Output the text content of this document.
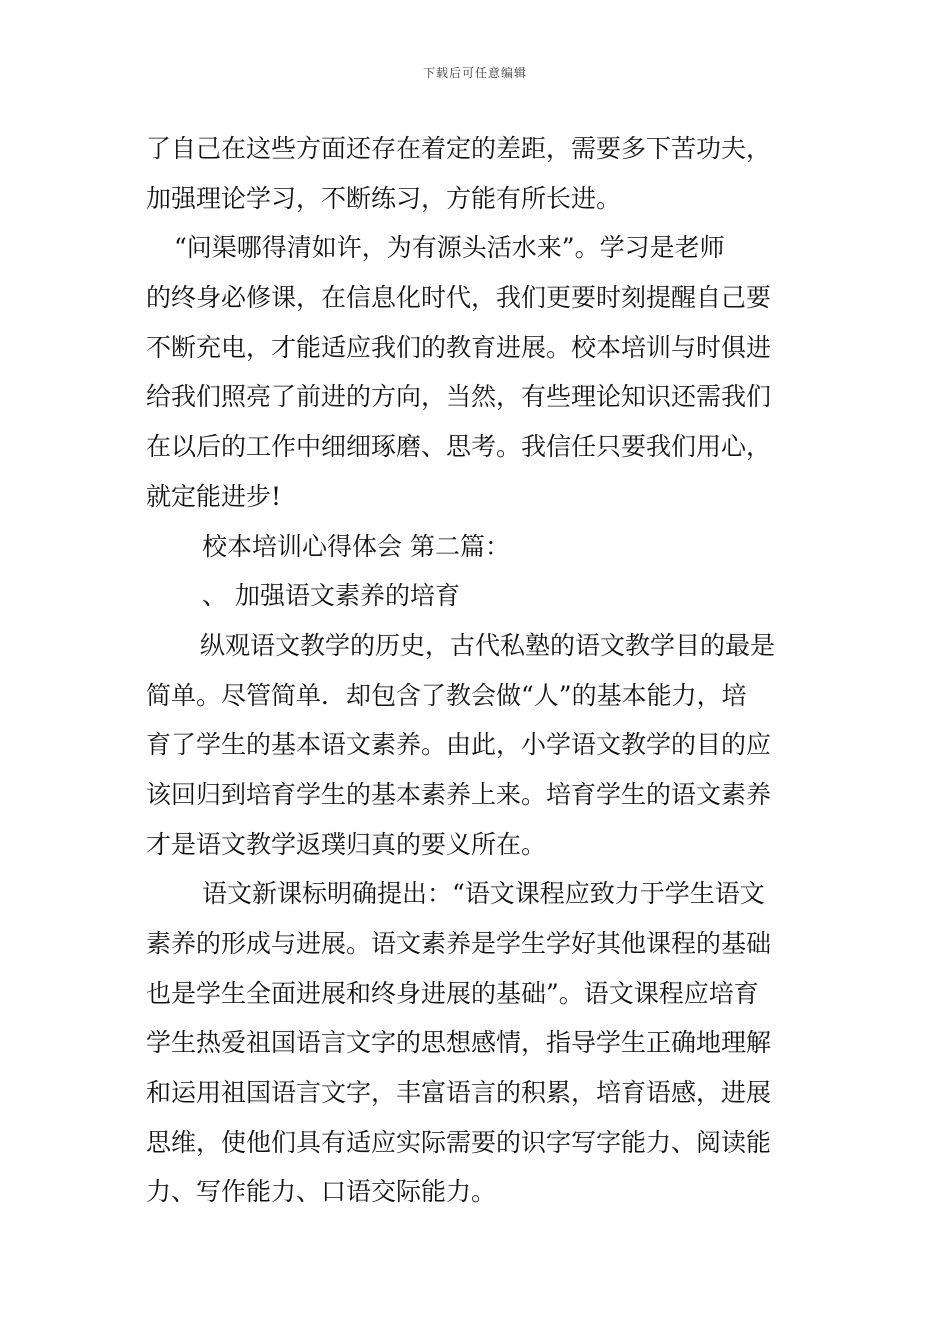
下载后可任意编辑
了自己在这些方面还存在着定的差距，需要多下苦功夫，
加强理论学习，不断练习，方能有所长进。
“问渠哪得清如许，为有源头活水来”。学习是老师
的终身必修课，在信息化时代，我们更要时刻提醒自己要
不断充电，才能适应我们的教育进展。校本培训与时俱进
给我们照亮了前进的方向，当然，有些理论知识还需我们
在以后的工作中细细琢磨、思考。我信任只要我们用心，
就定能进步!
校本培训心得体会 第二篇：
、 加强语文素养的培育
纵观语文教学的历史，古代私塾的语文教学目的最是
简单。尽管简单．却包含了教会做“人”的基本能力，培
育了学生的基本语文素养。由此，小学语文教学的目的应
该回归到培育学生的基本素养上来。培育学生的语文素养
才是语文教学返璞归真的要义所在。
语文新课标明确提出：“语文课程应致力于学生语文
素养的形成与进展。语文素养是学生学好其他课程的基础
也是学生全面进展和终身进展的基础”。语文课程应培育
学生热爱祖国语言文字的思想感情，指导学生正确地理解
和运用祖国语言文字，丰富语言的积累，培育语感，进展
思维，使他们具有适应实际需要的识字写字能力、阅读能
力、写作能力、口语交际能力。
